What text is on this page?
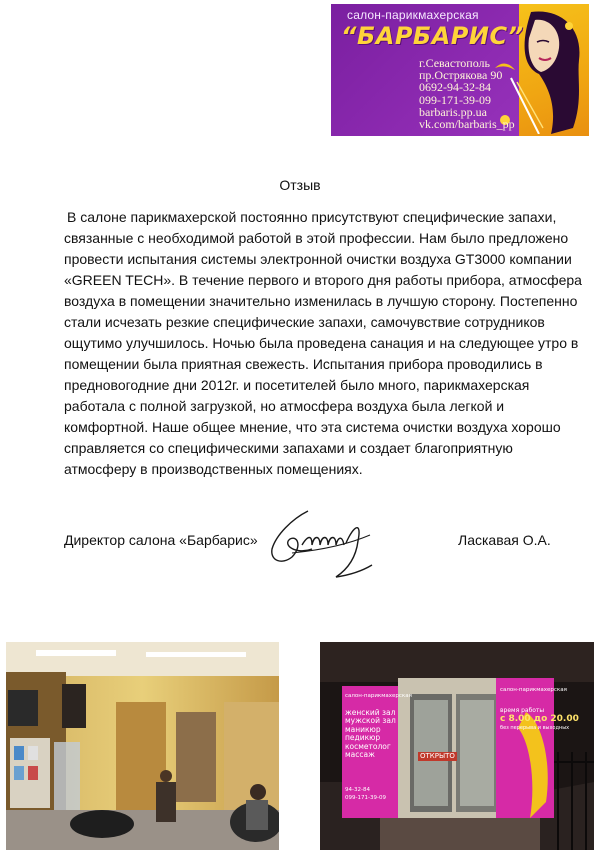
салон-парикмахерская
“БАРБАРИС”
г.Севастополь
пр.Острякова 90
0692-94-32-84
099-171-39-09
barbaris.pp.ua
vk.com/barbaris_pp
Отзыв

В салоне парикмахерской постоянно присутствуют специфические запахи, связанные с необходимой работой в этой профессии. Нам было предложено провести испытания системы электронной очистки воздуха GT3000 компании «GREEN TECH». В течение первого и второго дня работы прибора, атмосфера воздуха в помещении значительно изменилась в лучшую сторону. Постепенно стали исчезать резкие специфические запахи, самочувствие сотрудников ощутимо улучшилось. Ночью была проведена санация и на следующее утро в помещении была приятная свежесть. Испытания прибора проводились в предновогодние дни 2012г. и посетителей было много, парикмахерская работала с полной загрузкой, но атмосфера воздуха была легкой и комфортной. Наше общее мнение, что эта система очистки воздуха хорошо справляется со специфическими запахами и создает благоприятную атмосферу в производственных помещениях.

Директор салона «Барбарис»	Ласкавая О.А.
ОТКРЫТО
салон-парикмахерская
женский зал
мужской зал
маникюр
педикюр
косметолог
массаж
94-32-84
099-171-39-09
салон-парикмахерская
время работы
с 8.00 до 20.00
без перерыва и выходных
